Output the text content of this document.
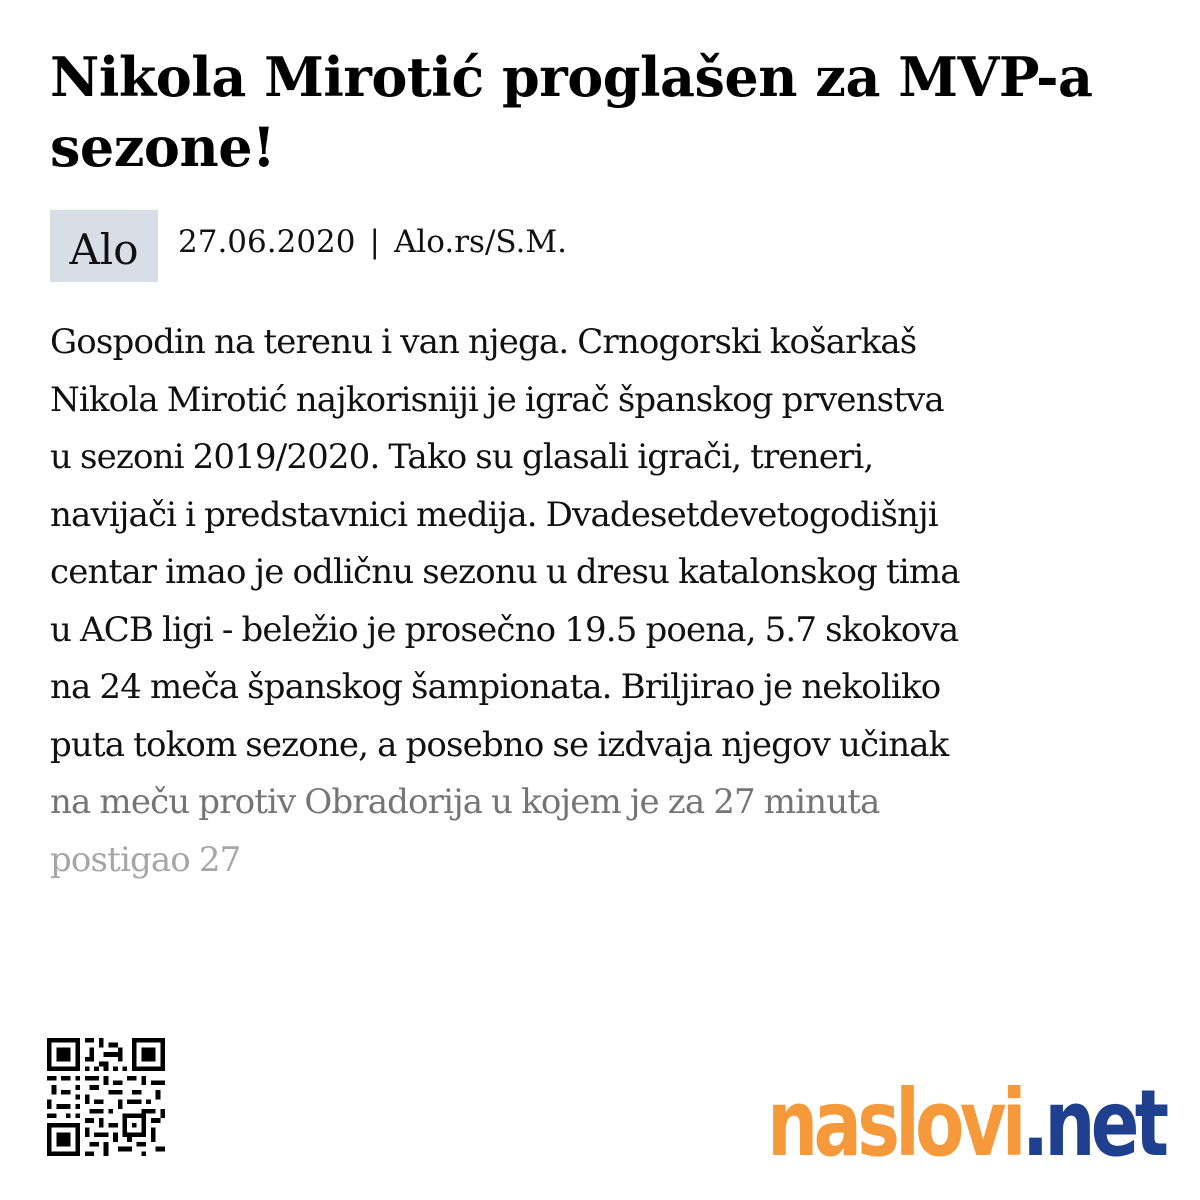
Nikola Mirotić proglašen za MVP-a sezone!
Alo	27.06.2020 | Alo.rs/S.M.
Gospodin na terenu i van njega. Crnogorski košarkaš
Nikola Mirotić najkorisniji je igrač španskog prvenstva
u sezoni 2019/2020. Tako su glasali igrači, treneri,
navijači i predstavnici medija. Dvadesetdevetogodišnji
centar imao je odličnu sezonu u dresu katalonskog tima
u ACB ligi - beležio je prosečno 19.5 poena, 5.7 skokova
na 24 meča španskog šampionata. Briljirao je nekoliko
puta tokom sezone, a posebno se izdvaja njegov učinak
na meču protiv Obradorija u kojem je za 27 minuta
postigao 27
naslovi . net
